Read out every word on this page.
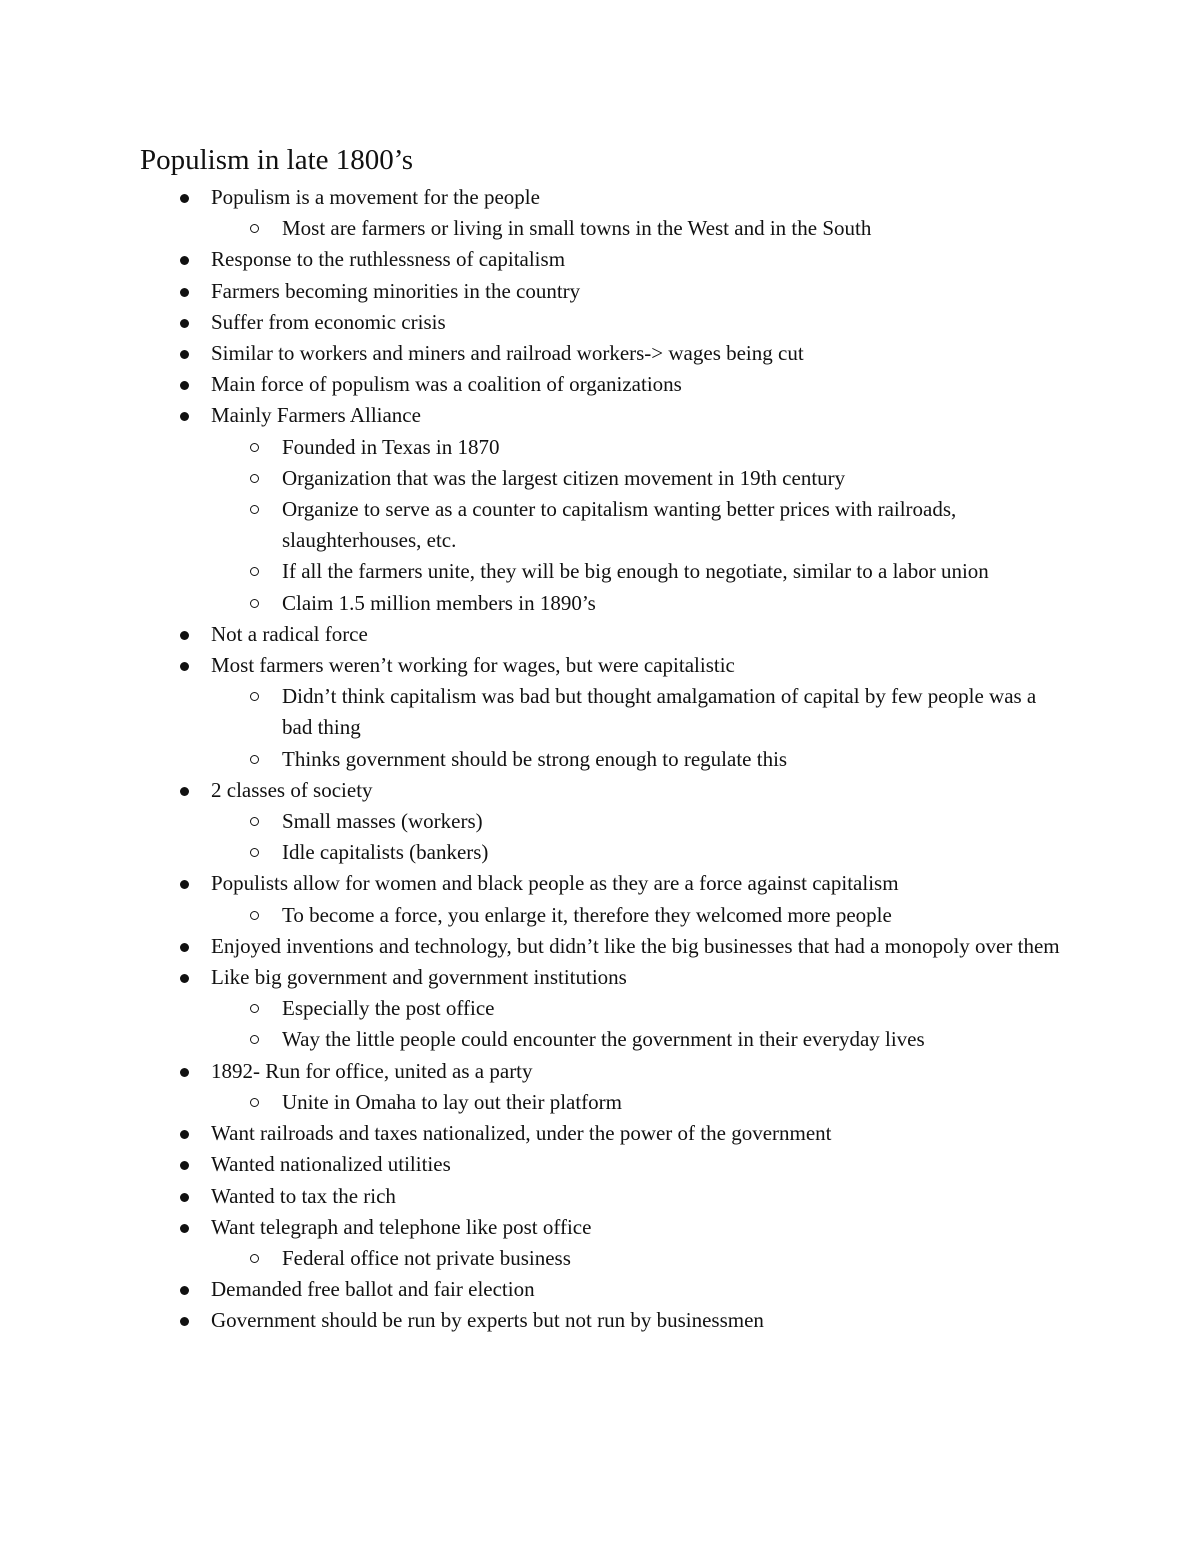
Populism in late 1800’s
Populism is a movement for the people
Most are farmers or living in small towns in the West and in the South
Response to the ruthlessness of capitalism
Farmers becoming minorities in the country
Suffer from economic crisis
Similar to workers and miners and railroad workers-> wages being cut
Main force of populism was a coalition of organizations
Mainly Farmers Alliance
Founded in Texas in 1870
Organization that was the largest citizen movement in 19th century
Organize to serve as a counter to capitalism wanting better prices with railroads, slaughterhouses, etc.
If all the farmers unite, they will be big enough to negotiate, similar to a labor union
Claim 1.5 million members in 1890’s
Not a radical force
Most farmers weren’t working for wages, but were capitalistic
Didn’t think capitalism was bad but thought amalgamation of capital by few people was a bad thing
Thinks government should be strong enough to regulate this
2 classes of society
Small masses (workers)
Idle capitalists (bankers)
Populists allow for women and black people as they are a force against capitalism
To become a force, you enlarge it, therefore they welcomed more people
Enjoyed inventions and technology, but didn’t like the big businesses that had a monopoly over them
Like big government and government institutions
Especially the post office
Way the little people could encounter the government in their everyday lives
1892- Run for office, united as a party
Unite in Omaha to lay out their platform
Want railroads and taxes nationalized, under the power of the government
Wanted nationalized utilities
Wanted to tax the rich
Want telegraph and telephone like post office
Federal office not private business
Demanded free ballot and fair election
Government should be run by experts but not run by businessmen
